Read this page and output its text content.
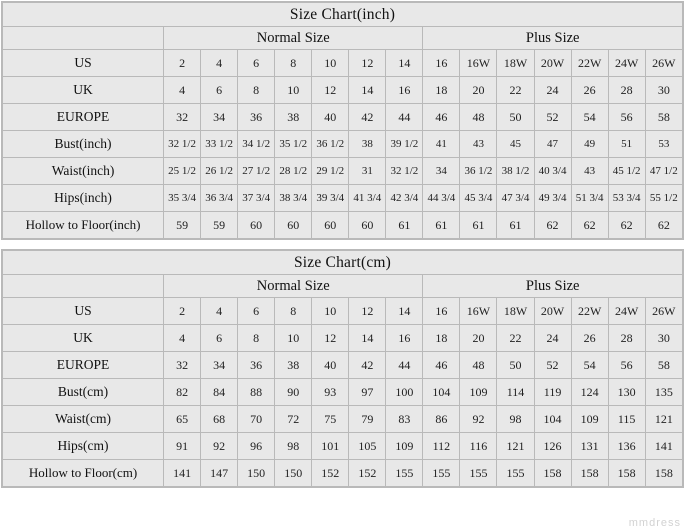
Size Chart(inch)														
	Normal Size							Plus Size						
US	2	4	6	8	10	12	14	16	16W	18W	20W	22W	24W	26W
UK	4	6	8	10	12	14	16	18	20	22	24	26	28	30
EUROPE	32	34	36	38	40	42	44	46	48	50	52	54	56	58
Bust(inch)	32 1/2	33 1/2	34 1/2	35 1/2	36 1/2	38	39 1/2	41	43	45	47	49	51	53
Waist(inch)	25 1/2	26 1/2	27 1/2	28 1/2	29 1/2	31	32 1/2	34	36 1/2	38 1/2	40 3/4	43	45 1/2	47 1/2
Hips(inch)	35 3/4	36 3/4	37 3/4	38 3/4	39 3/4	41 3/4	42 3/4	44 3/4	45 3/4	47 3/4	49 3/4	51 3/4	53 3/4	55 1/2
Hollow to Floor(inch)	59	59	60	60	60	60	61	61	61	61	62	62	62	62
Size Chart(cm)														
	Normal Size							Plus Size						
US	2	4	6	8	10	12	14	16	16W	18W	20W	22W	24W	26W
UK	4	6	8	10	12	14	16	18	20	22	24	26	28	30
EUROPE	32	34	36	38	40	42	44	46	48	50	52	54	56	58
Bust(cm)	82	84	88	90	93	97	100	104	109	114	119	124	130	135
Waist(cm)	65	68	70	72	75	79	83	86	92	98	104	109	115	121
Hips(cm)	91	92	96	98	101	105	109	112	116	121	126	131	136	141
Hollow to Floor(cm)	141	147	150	150	152	152	155	155	155	155	158	158	158	158
mmdress
